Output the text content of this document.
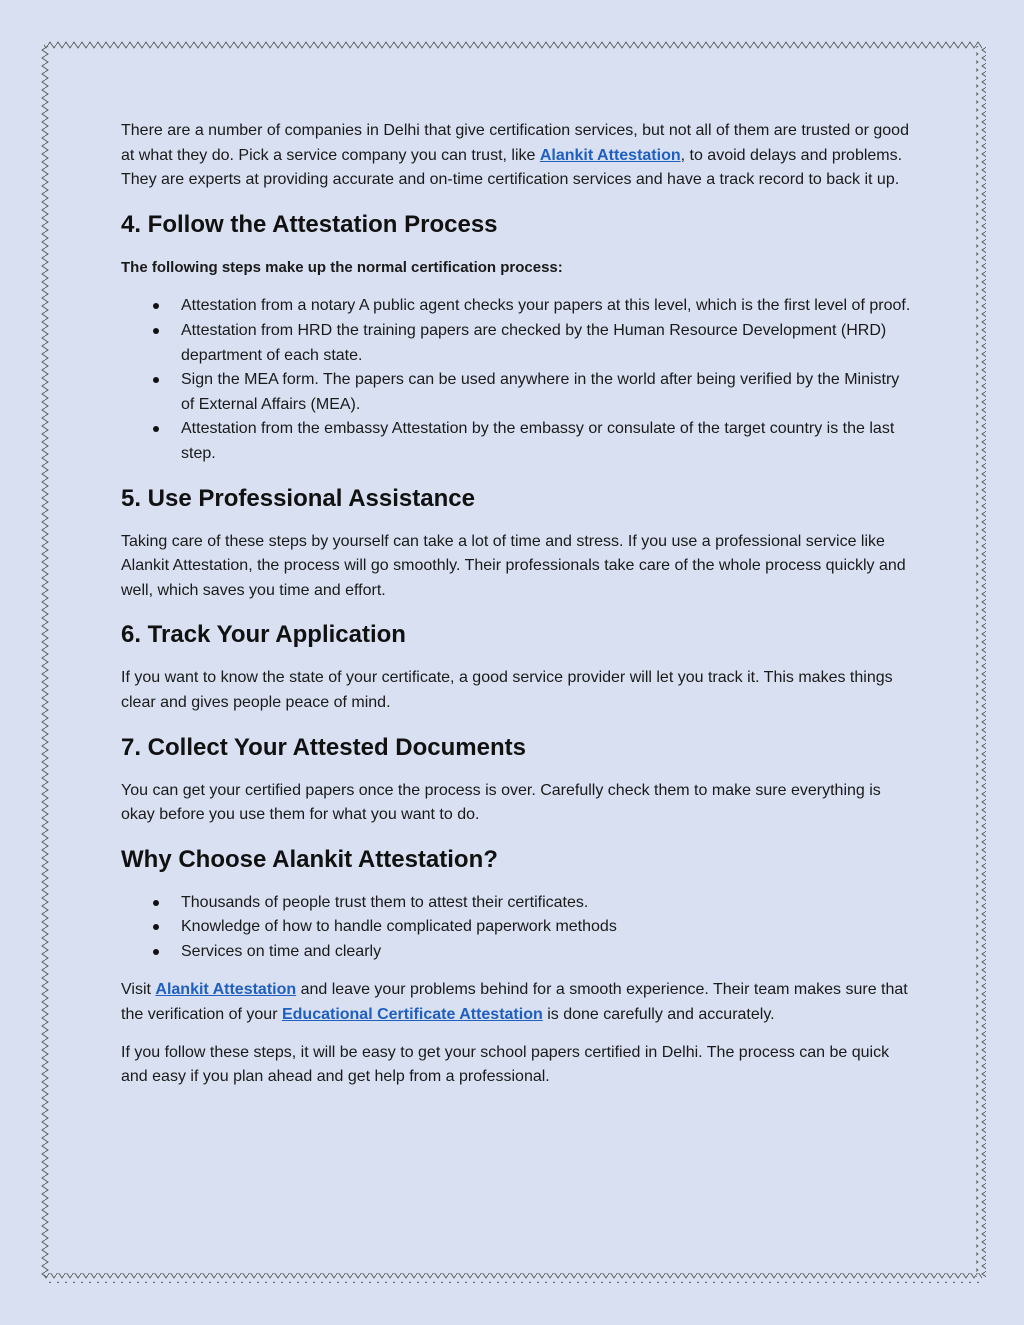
There are a number of companies in Delhi that give certification services, but not all of them are trusted or good at what they do. Pick a service company you can trust, like Alankit Attestation, to avoid delays and problems. They are experts at providing accurate and on-time certification services and have a track record to back it up.

4. Follow the Attestation Process

The following steps make up the normal certification process:

Attestation from a notary A public agent checks your papers at this level, which is the first level of proof.
Attestation from HRD the training papers are checked by the Human Resource Development (HRD) department of each state.
Sign the MEA form. The papers can be used anywhere in the world after being verified by the Ministry of External Affairs (MEA).
Attestation from the embassy Attestation by the embassy or consulate of the target country is the last step.
5. Use Professional Assistance

Taking care of these steps by yourself can take a lot of time and stress. If you use a professional service like Alankit Attestation, the process will go smoothly. Their professionals take care of the whole process quickly and well, which saves you time and effort.

6. Track Your Application

If you want to know the state of your certificate, a good service provider will let you track it. This makes things clear and gives people peace of mind.

7. Collect Your Attested Documents

You can get your certified papers once the process is over. Carefully check them to make sure everything is okay before you use them for what you want to do.

Why Choose Alankit Attestation?
Thousands of people trust them to attest their certificates.
Knowledge of how to handle complicated paperwork methods
Services on time and clearly

Visit Alankit Attestation and leave your problems behind for a smooth experience. Their team makes sure that the verification of your Educational Certificate Attestation is done carefully and accurately.

If you follow these steps, it will be easy to get your school papers certified in Delhi. The process can be quick and easy if you plan ahead and get help from a professional.
